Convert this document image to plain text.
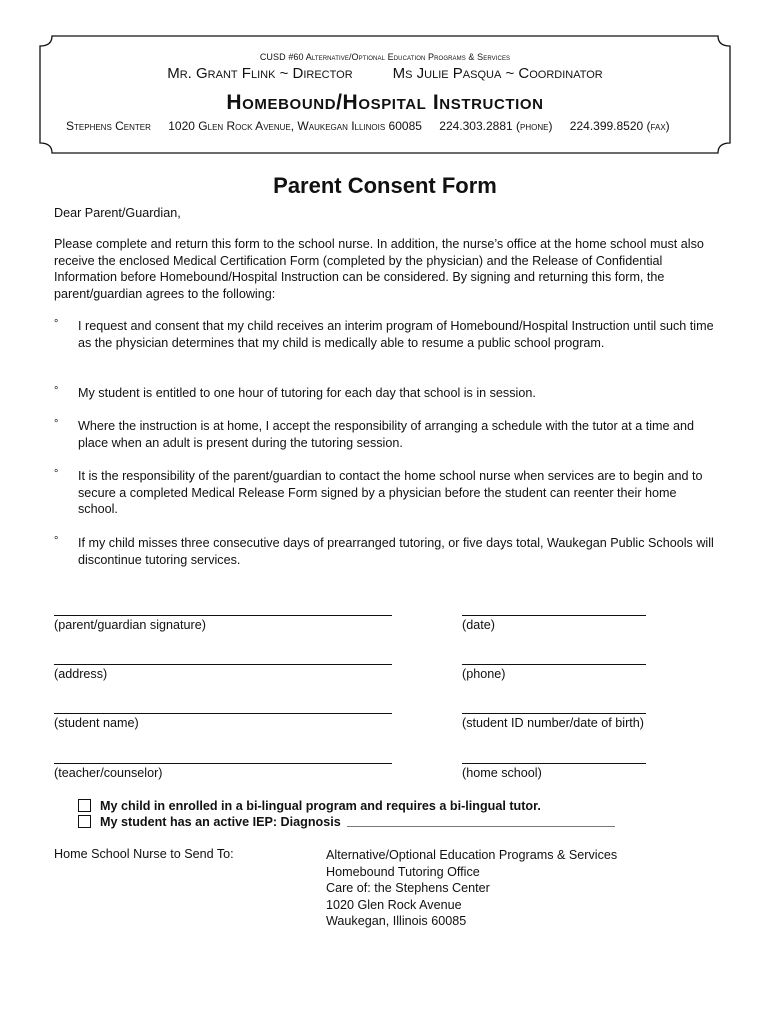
CUSD #60 Alternative/Optional Education Programs & Services
Mr. Grant Flink ~ Director	Ms Julie Pasqua ~ Coordinator
Homebound/Hospital Instruction
Stephens Center 1020 Glen Rock Avenue, Waukegan Illinois 60085 224.303.2881 (phone) 224.399.8520 (fax)
Parent Consent Form
Dear Parent/Guardian,
Please complete and return this form to the school nurse. In addition, the nurse’s office at the home school must also receive the enclosed Medical Certification Form (completed by the physician) and the Release of Confidential Information before Homebound/Hospital Instruction can be considered. By signing and returning this form, the parent/guardian agrees to the following:
° I request and consent that my child receives an interim program of Homebound/Hospital Instruction until such time as the physician determines that my child is medically able to resume a public school program.
° My student is entitled to one hour of tutoring for each day that school is in session.
° Where the instruction is at home, I accept the responsibility of arranging a schedule with the tutor at a time and place when an adult is present during the tutoring session.
° It is the responsibility of the parent/guardian to contact the home school nurse when services are to begin and to secure a completed Medical Release Form signed by a physician before the student can reenter their home school.
° If my child misses three consecutive days of prearranged tutoring, or five days total, Waukegan Public Schools will discontinue tutoring services.
(parent/guardian signature)	(date)
(address)	(phone)
(student name)	(student ID number/date of birth)
(teacher/counselor)	(home school)
My child in enrolled in a bi-lingual program and requires a bi-lingual tutor.
My student has an active IEP: Diagnosis
Home School Nurse to Send To:	Alternative/Optional Education Programs & Services
Homebound Tutoring Office
Care of: the Stephens Center
1020 Glen Rock Avenue
Waukegan, Illinois 60085
